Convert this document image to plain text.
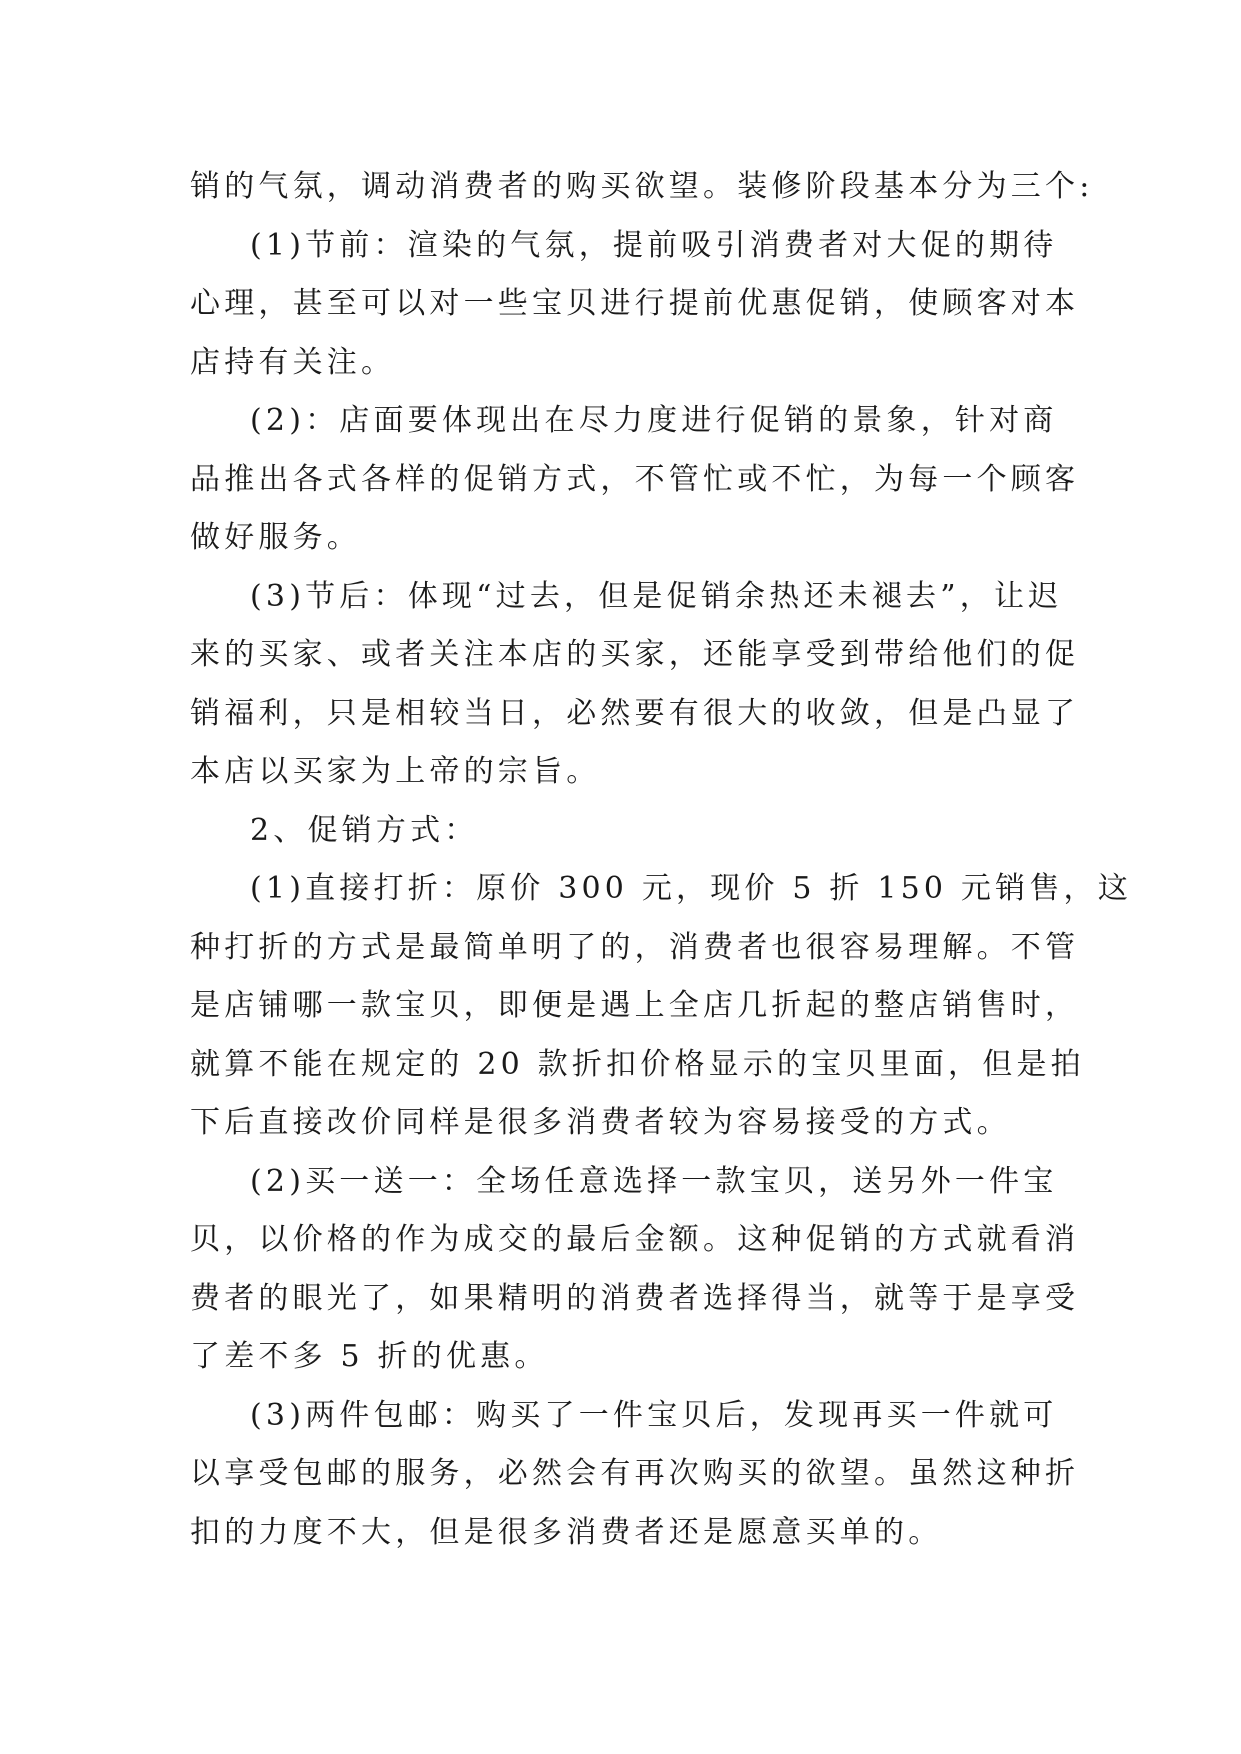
销的气氛，调动消费者的购买欲望。装修阶段基本分为三个:

(1)节前：渲染的气氛，提前吸引消费者对大促的期待

心理，甚至可以对一些宝贝进行提前优惠促销，使顾客对本

店持有关注。

(2)：店面要体现出在尽力度进行促销的景象，针对商

品推出各式各样的促销方式，不管忙或不忙，为每一个顾客

做好服务。

(3)节后：体现“过去，但是促销余热还未褪去”，让迟

来的买家、或者关注本店的买家，还能享受到带给他们的促

销福利，只是相较当日，必然要有很大的收敛，但是凸显了

本店以买家为上帝的宗旨。

2、促销方式：

(1)直接打折：原价 300 元，现价 5 折 150 元销售，这

种打折的方式是最简单明了的，消费者也很容易理解。不管

是店铺哪一款宝贝，即便是遇上全店几折起的整店销售时，

就算不能在规定的 20 款折扣价格显示的宝贝里面，但是拍

下后直接改价同样是很多消费者较为容易接受的方式。

(2)买一送一：全场任意选择一款宝贝，送另外一件宝

贝，以价格的作为成交的最后金额。这种促销的方式就看消

费者的眼光了，如果精明的消费者选择得当，就等于是享受

了差不多 5 折的优惠。

(3)两件包邮：购买了一件宝贝后，发现再买一件就可

以享受包邮的服务，必然会有再次购买的欲望。虽然这种折

扣的力度不大，但是很多消费者还是愿意买单的。
